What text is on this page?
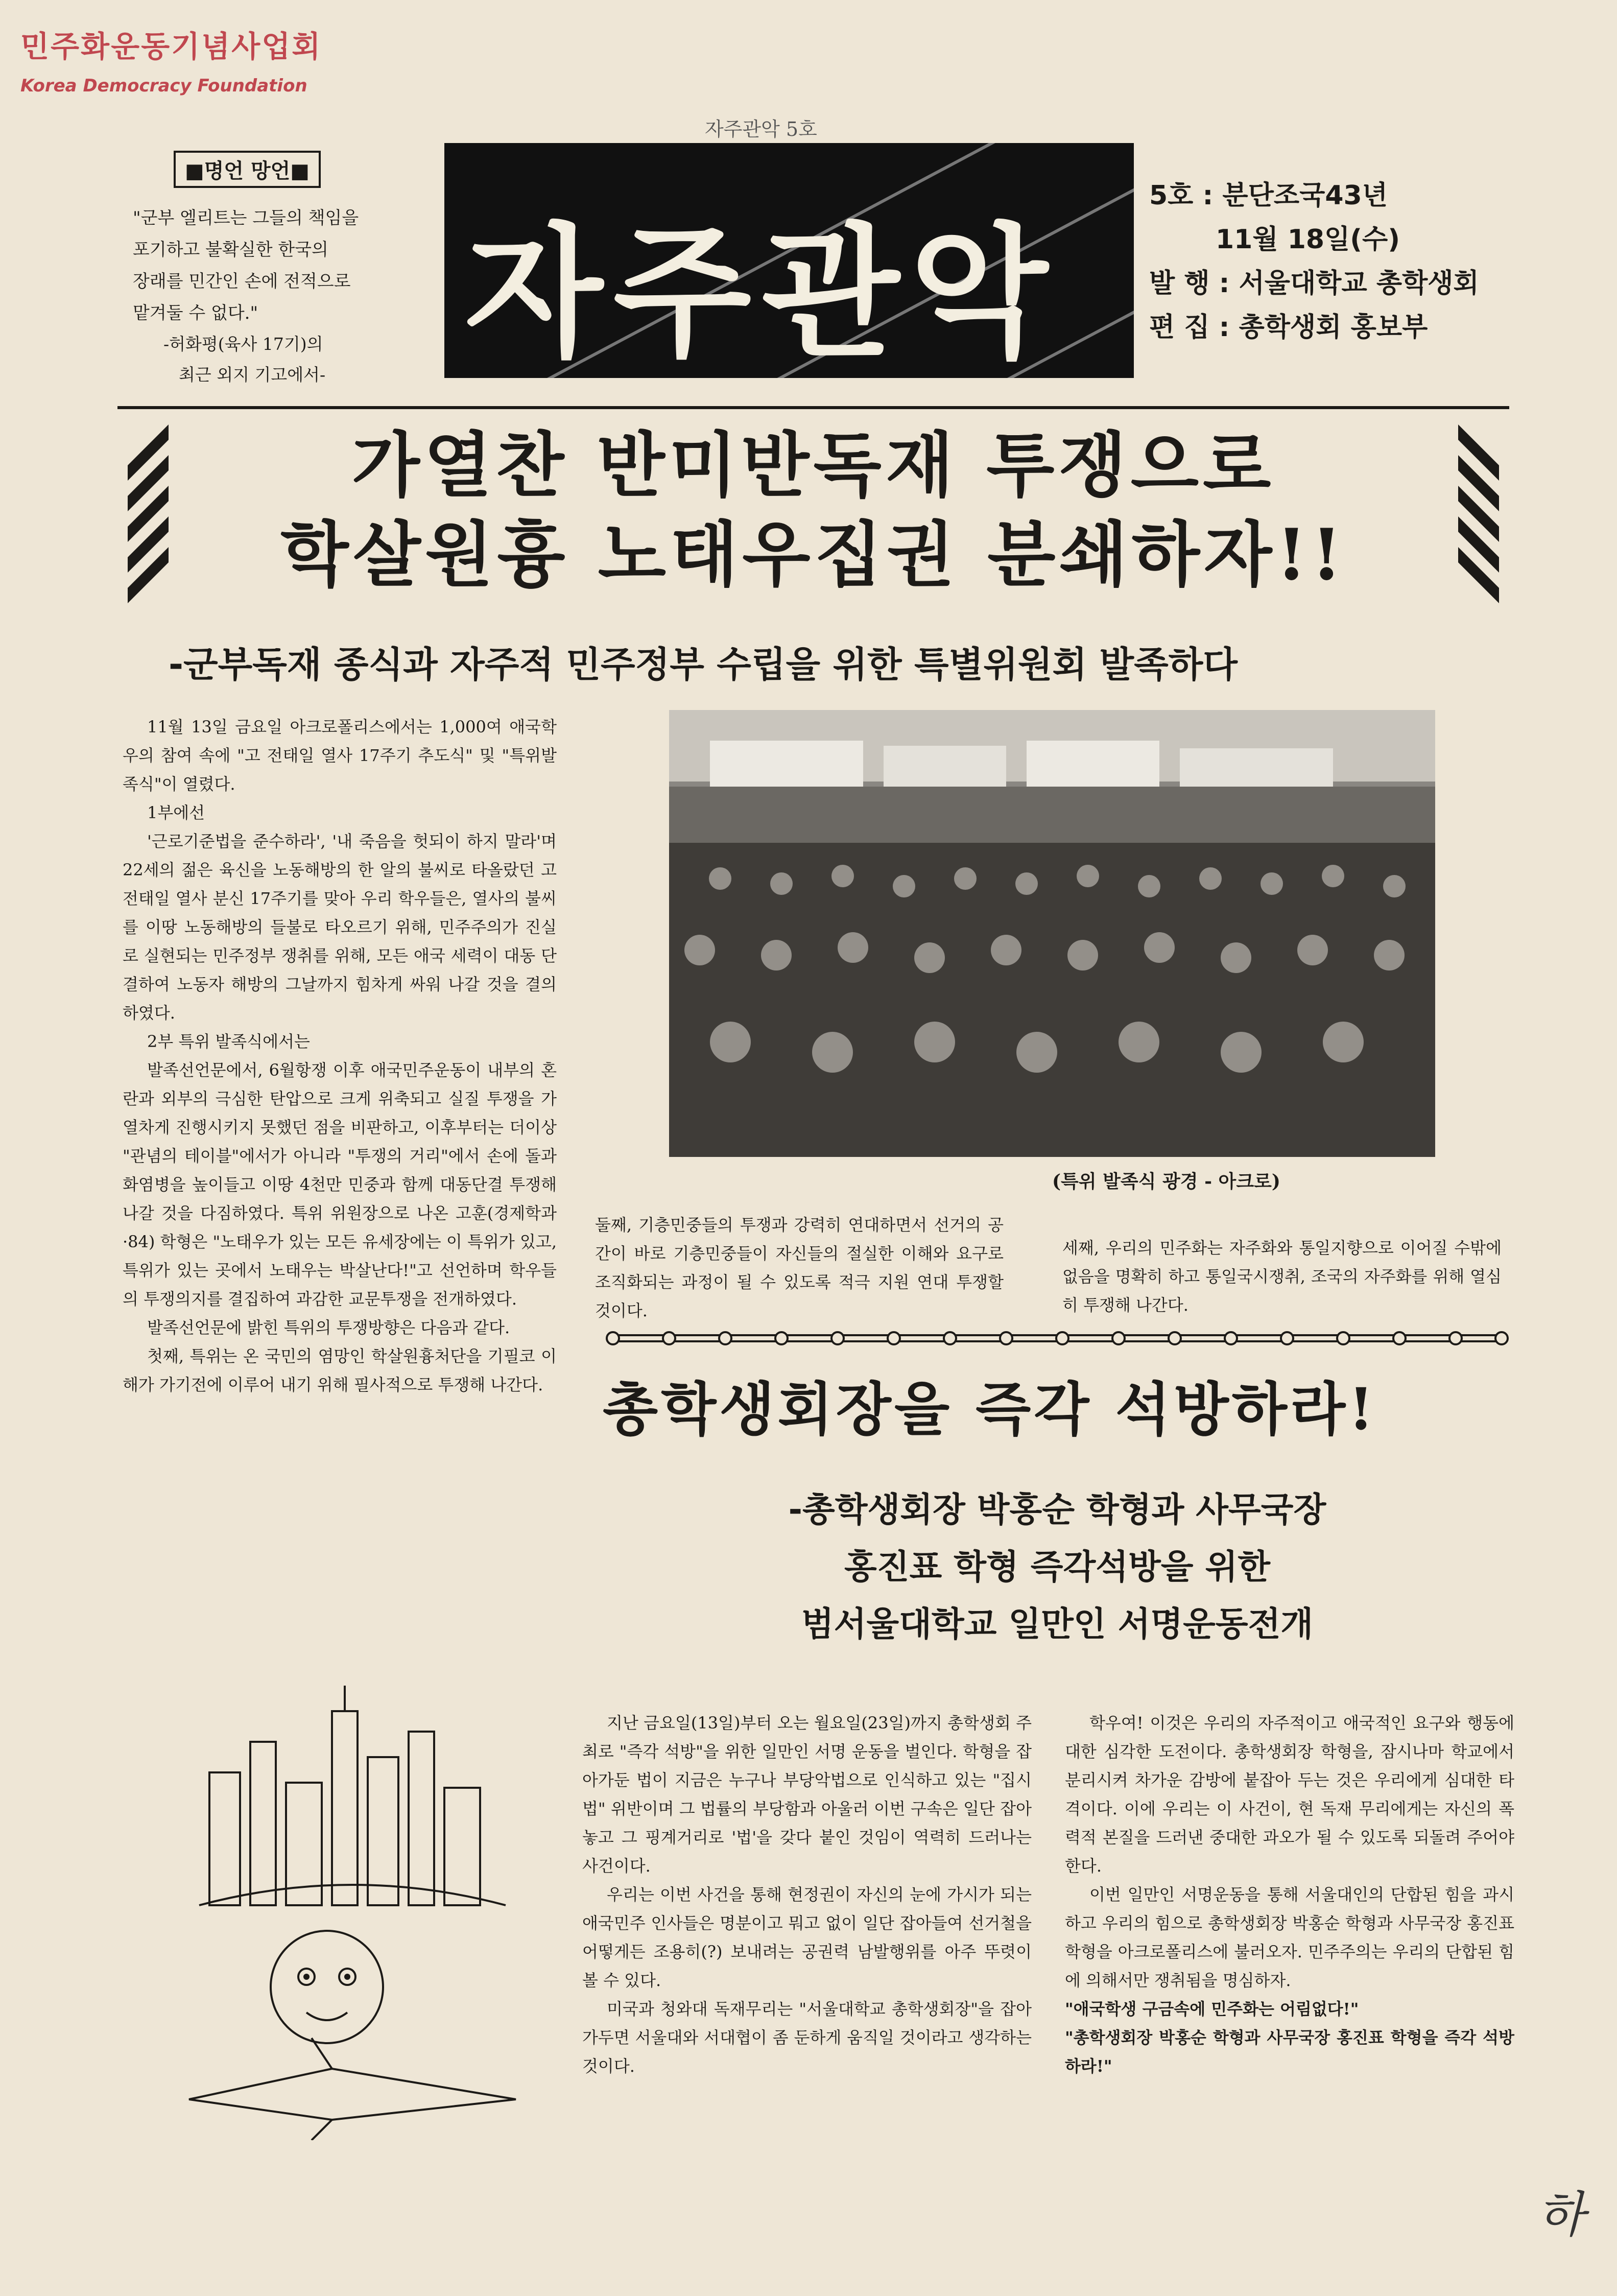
민주화운동기념사업회
Korea Democracy Foundation
자주관악 5호
■명언 망언■
"군부 엘리트는 그들의 책임을
포기하고 불확실한 한국의
장래를 민간인 손에 전적으로
맡겨둘 수 없다."
-허화평(육사 17기)의
최근 외지 기고에서- 자주관악
5호 : 분단조국43년
11월 18일(수)
발 행 : 서울대학교 총학생회
편 집 : 총학생회 홍보부
가열찬 반미반독재 투쟁으로
학살원흉 노태우집권 분쇄하자!!
-군부독재 종식과 자주적 민주정부 수립을 위한 특별위원회 발족하다

11월 13일 금요일 아크로폴리스에서는 1,000여 애국학우의 참여 속에 "고 전태일 열사 17주기 추도식" 및 "특위발족식"이 열렸다.

1부에선

'근로기준법을 준수하라', '내 죽음을 헛되이 하지 말라'며 22세의 젊은 육신을 노동해방의 한 알의 불씨로 타올랐던 고 전태일 열사 분신 17주기를 맞아 우리 학우들은, 열사의 불씨를 이땅 노동해방의 들불로 타오르기 위해, 민주주의가 진실로 실현되는 민주정부 쟁취를 위해, 모든 애국 세력이 대동 단결하여 노동자 해방의 그날까지 힘차게 싸워 나갈 것을 결의하였다.

2부 특위 발족식에서는

발족선언문에서, 6월항쟁 이후 애국민주운동이 내부의 혼란과 외부의 극심한 탄압으로 크게 위축되고 실질 투쟁을 가열차게 진행시키지 못했던 점을 비판하고, 이후부터는 더이상 "관념의 테이블"에서가 아니라 "투쟁의 거리"에서 손에 돌과 화염병을 높이들고 이땅 4천만 민중과 함께 대동단결 투쟁해 나갈 것을 다짐하였다. 특위 위원장으로 나온 고훈(경제학과·84) 학형은 "노태우가 있는 모든 유세장에는 이 특위가 있고, 특위가 있는 곳에서 노태우는 박살난다!"고 선언하며 학우들의 투쟁의지를 결집하여 과감한 교문투쟁을 전개하였다.

발족선언문에 밝힌 특위의 투쟁방향은 다음과 같다.

첫째, 특위는 온 국민의 염망인 학살원흉처단을 기필코 이 해가 가기전에 이루어 내기 위해 필사적으로 투쟁해 나간다.

(특위 발족식 광경 - 아크로)
둘째, 기층민중들의 투쟁과 강력히 연대하면서 선거의 공간이 바로 기층민중들이 자신들의 절실한 이해와 요구로 조직화되는 과정이 될 수 있도록 적극 지원 연대 투쟁할 것이다.
세째, 우리의 민주화는 자주화와 통일지향으로 이어질 수밖에 없음을 명확히 하고 통일국시쟁취, 조국의 자주화를 위해 열심히 투쟁해 나간다.
총학생회장을 즉각 석방하라!
-총학생회장 박홍순 학형과 사무국장
홍진표 학형 즉각석방을 위한
범서울대학교 일만인 서명운동전개

지난 금요일(13일)부터 오는 월요일(23일)까지 총학생회 주최로 "즉각 석방"을 위한 일만인 서명 운동을 벌인다. 학형을 잡아가둔 법이 지금은 누구나 부당악법으로 인식하고 있는 "집시법" 위반이며 그 법률의 부당함과 아울러 이번 구속은 일단 잡아놓고 그 핑계거리로 '법'을 갖다 붙인 것임이 역력히 드러나는 사건이다.

우리는 이번 사건을 통해 현정권이 자신의 눈에 가시가 되는 애국민주 인사들은 명분이고 뭐고 없이 일단 잡아들여 선거철을 어떻게든 조용히(?) 보내려는 공권력 남발행위를 아주 뚜렷이 볼 수 있다.

미국과 청와대 독재무리는 "서울대학교 총학생회장"을 잡아 가두면 서울대와 서대협이 좀 둔하게 움직일 것이라고 생각하는 것이다.

학우여! 이것은 우리의 자주적이고 애국적인 요구와 행동에 대한 심각한 도전이다. 총학생회장 학형을, 잠시나마 학교에서 분리시켜 차가운 감방에 붙잡아 두는 것은 우리에게 심대한 타격이다. 이에 우리는 이 사건이, 현 독재 무리에게는 자신의 폭력적 본질을 드러낸 중대한 과오가 될 수 있도록 되돌려 주어야 한다.

이번 일만인 서명운동을 통해 서울대인의 단합된 힘을 과시하고 우리의 힘으로 총학생회장 박홍순 학형과 사무국장 홍진표 학형을 아크로폴리스에 불러오자. 민주주의는 우리의 단합된 힘에 의해서만 쟁취됨을 명심하자.

"애국학생 구금속에 민주화는 어림없다!"

"총학생회장 박홍순 학형과 사무국장 홍진표 학형을 즉각 석방하라!"

하
